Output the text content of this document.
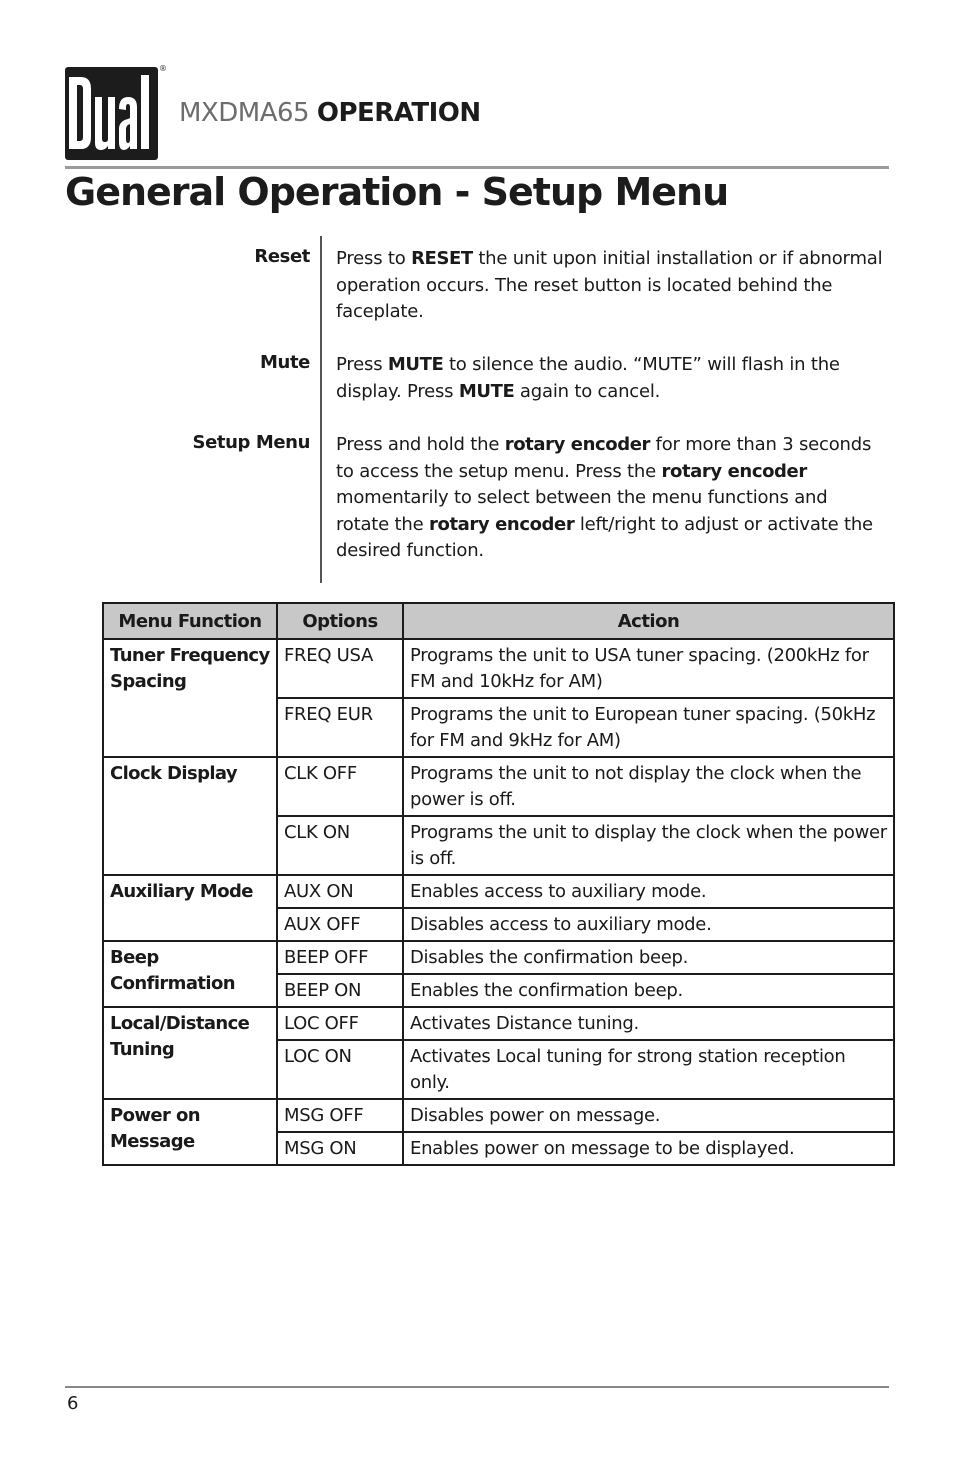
®
MXDMA65 OPERATION
General Operation - Setup Menu
Reset Press to RESET the unit upon initial installation or if abnormal operation occurs. The reset button is located behind the faceplate.
Mute Press MUTE to silence the audio. “MUTE” will flash in the display. Press MUTE again to cancel.
Setup Menu Press and hold the rotary encoder for more than 3 seconds to access the setup menu. Press the rotary encoder momentarily to select between the menu functions and rotate the rotary encoder left/right to adjust or activate the desired function.
Menu Function	Options	Action
Tuner Frequency Spacing	FREQ USA	Programs the unit to USA tuner spacing. (200kHz for FM and 10kHz for AM)
	FREQ EUR	Programs the unit to European tuner spacing. (50kHz for FM and 9kHz for AM)
Clock Display	CLK OFF	Programs the unit to not display the clock when the power is off.
	CLK ON	Programs the unit to display the clock when the power is off.
Auxiliary Mode	AUX ON	Enables access to auxiliary mode.
	AUX OFF	Disables access to auxiliary mode.
Beep Confirmation	BEEP OFF	Disables the confirmation beep.
	BEEP ON	Enables the confirmation beep.
Local/Distance Tuning	LOC OFF	Activates Distance tuning.
	LOC ON	Activates Local tuning for strong station reception only.
Power on Message	MSG OFF	Disables power on message.
	MSG ON	Enables power on message to be displayed.
6
